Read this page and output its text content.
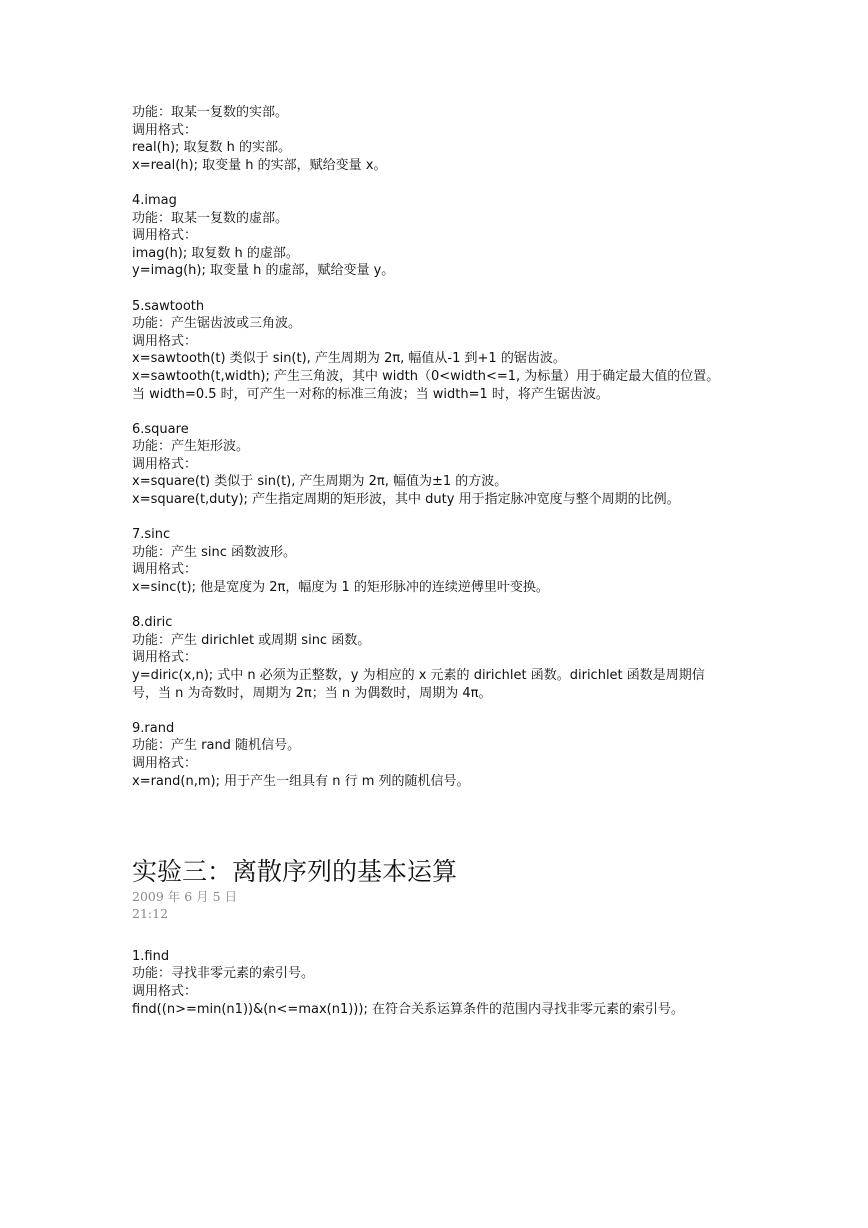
功能：取某一复数的实部。
调用格式：
real(h); 取复数 h 的实部。
x=real(h); 取变量 h 的实部，赋给变量 x。
4.imag
功能：取某一复数的虚部。
调用格式：
imag(h); 取复数 h 的虚部。
y=imag(h); 取变量 h 的虚部，赋给变量 y。
5.sawtooth
功能：产生锯齿波或三角波。
调用格式：
x=sawtooth(t) 类似于 sin(t), 产生周期为 2π, 幅值从-1 到+1 的锯齿波。
x=sawtooth(t,width); 产生三角波，其中 width（0<width<=1, 为标量）用于确定最大值的位置。
当 width=0.5 时，可产生一对称的标准三角波；当 width=1 时，将产生锯齿波。
6.square
功能：产生矩形波。
调用格式：
x=square(t) 类似于 sin(t), 产生周期为 2π, 幅值为±1 的方波。
x=square(t,duty); 产生指定周期的矩形波，其中 duty 用于指定脉冲宽度与整个周期的比例。
7.sinc
功能：产生 sinc 函数波形。
调用格式：
x=sinc(t); 他是宽度为 2π，幅度为 1 的矩形脉冲的连续逆傅里叶变换。
8.diric
功能：产生 dirichlet 或周期 sinc 函数。
调用格式：
y=diric(x,n); 式中 n 必须为正整数，y 为相应的 x 元素的 dirichlet 函数。dirichlet 函数是周期信
号，当 n 为奇数时，周期为 2π；当 n 为偶数时，周期为 4π。
9.rand
功能：产生 rand 随机信号。
调用格式：
x=rand(n,m); 用于产生一组具有 n 行 m 列的随机信号。
实验三：离散序列的基本运算
2009 年 6 月 5 日
21:12
1.find
功能：寻找非零元素的索引号。
调用格式：
find((n>=min(n1))&(n<=max(n1))); 在符合关系运算条件的范围内寻找非零元素的索引号。
